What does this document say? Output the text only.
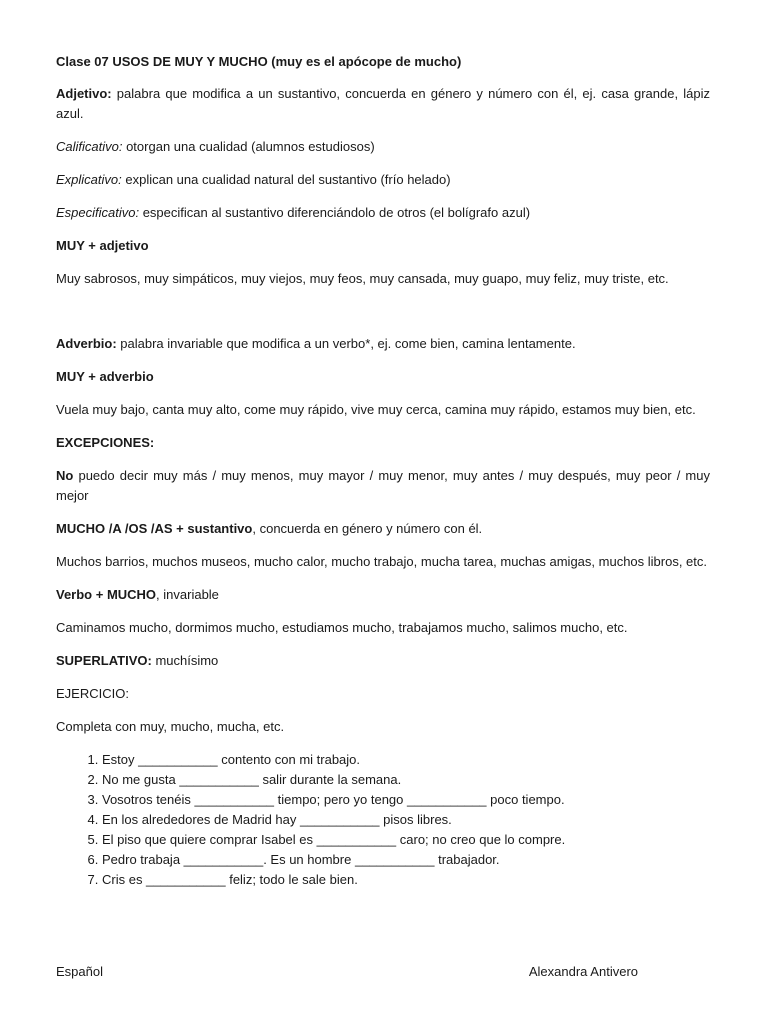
Clase 07 USOS DE MUY Y MUCHO (muy es el apócope de mucho)

Adjetivo: palabra que modifica a un sustantivo, concuerda en género y número con él, ej. casa grande, lápiz azul.

Calificativo: otorgan una cualidad (alumnos estudiosos)

Explicativo: explican una cualidad natural del sustantivo (frío helado)

Especificativo: especifican al sustantivo diferenciándolo de otros (el bolígrafo azul)

MUY + adjetivo

Muy sabrosos, muy simpáticos, muy viejos, muy feos, muy cansada, muy guapo, muy feliz, muy triste, etc.

Adverbio: palabra invariable que modifica a un verbo*, ej. come bien, camina lentamente.

MUY + adverbio

Vuela muy bajo, canta muy alto, come muy rápido, vive muy cerca, camina muy rápido, estamos muy bien, etc.

EXCEPCIONES:

No puedo decir muy más / muy menos, muy mayor / muy menor, muy antes / muy después, muy peor / muy mejor

MUCHO /A /OS /AS + sustantivo, concuerda en género y número con él.

Muchos barrios, muchos museos, mucho calor, mucho trabajo, mucha tarea, muchas amigas, muchos libros, etc.

Verbo + MUCHO, invariable

Caminamos mucho, dormimos mucho, estudiamos mucho, trabajamos mucho, salimos mucho, etc.

SUPERLATIVO: muchísimo

EJERCICIO:

Completa con muy, mucho, mucha, etc.

1. Estoy ___________ contento con mi trabajo.
2. No me gusta ___________ salir durante la semana.
3. Vosotros tenéis ___________ tiempo; pero yo tengo ___________ poco tiempo.
4. En los alrededores de Madrid hay ___________ pisos libres.
5. El piso que quiere comprar Isabel es ___________ caro; no creo que lo compre.
6. Pedro trabaja ___________. Es un hombre ___________ trabajador.
7. Cris es ___________ feliz; todo le sale bien.
Español	Alexandra Antivero
